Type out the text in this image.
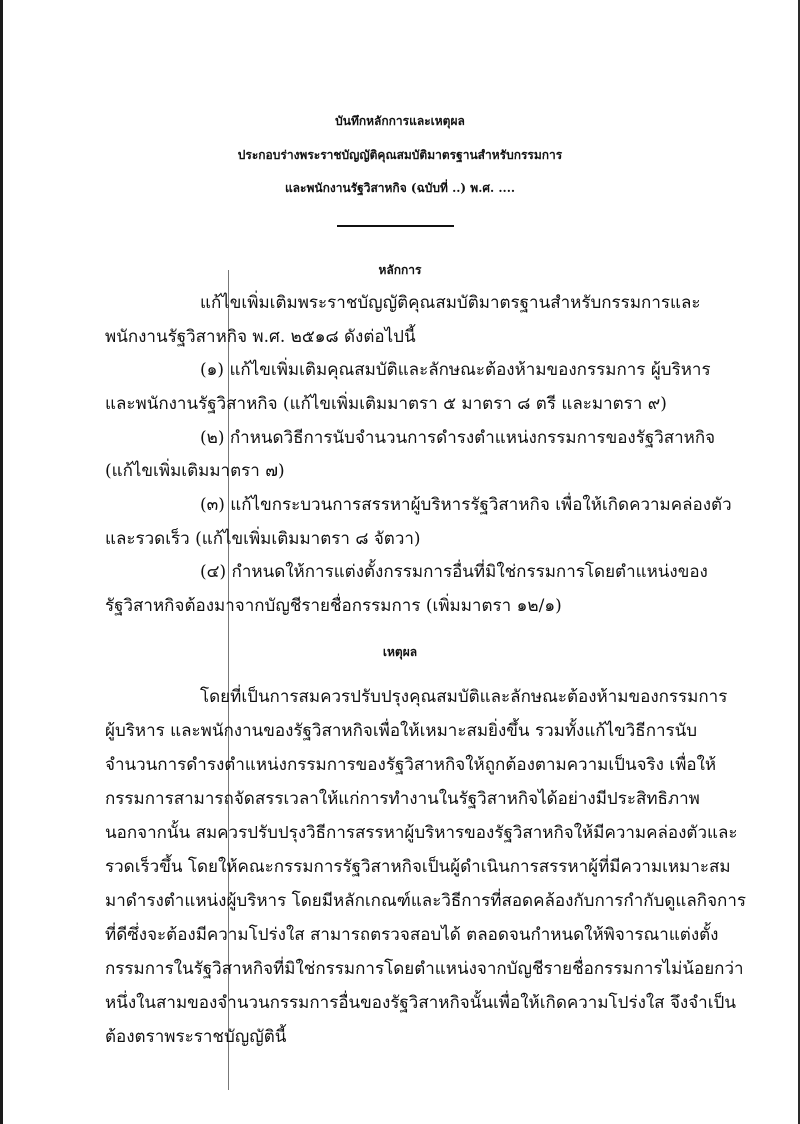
บันทึกหลักการและเหตุผล
ประกอบร่างพระราชบัญญัติคุณสมบัติมาตรฐานสำหรับกรรมการ
และพนักงานรัฐวิสาหกิจ (ฉบับที่ ..) พ.ศ. ....
หลักการ
แก้ไขเพิ่มเติมพระราชบัญญัติคุณสมบัติมาตรฐานสำหรับกรรมการและ
พนักงานรัฐวิสาหกิจ พ.ศ. ๒๕๑๘ ดังต่อไปนี้
(๑) แก้ไขเพิ่มเติมคุณสมบัติและลักษณะต้องห้ามของกรรมการ ผู้บริหาร
และพนักงานรัฐวิสาหกิจ (แก้ไขเพิ่มเติมมาตรา ๕ มาตรา ๘ ตรี และมาตรา ๙)
(๒) กำหนดวิธีการนับจำนวนการดำรงตำแหน่งกรรมการของรัฐวิสาหกิจ
(แก้ไขเพิ่มเติมมาตรา ๗)
(๓) แก้ไขกระบวนการสรรหาผู้บริหารรัฐวิสาหกิจ เพื่อให้เกิดความคล่องตัว
และรวดเร็ว (แก้ไขเพิ่มเติมมาตรา ๘ จัตวา)
(๔) กำหนดให้การแต่งตั้งกรรมการอื่นที่มิใช่กรรมการโดยตำแหน่งของ
รัฐวิสาหกิจต้องมาจากบัญชีรายชื่อกรรมการ (เพิ่มมาตรา ๑๒/๑)
เหตุผล
โดยที่เป็นการสมควรปรับปรุงคุณสมบัติและลักษณะต้องห้ามของกรรมการ
ผู้บริหาร และพนักงานของรัฐวิสาหกิจเพื่อให้เหมาะสมยิ่งขึ้น รวมทั้งแก้ไขวิธีการนับ
จำนวนการดำรงตำแหน่งกรรมการของรัฐวิสาหกิจให้ถูกต้องตามความเป็นจริง เพื่อให้
กรรมการสามารถจัดสรรเวลาให้แก่การทำงานในรัฐวิสาหกิจได้อย่างมีประสิทธิภาพ
นอกจากนั้น สมควรปรับปรุงวิธีการสรรหาผู้บริหารของรัฐวิสาหกิจให้มีความคล่องตัวและ
รวดเร็วขึ้น โดยให้คณะกรรมการรัฐวิสาหกิจเป็นผู้ดำเนินการสรรหาผู้ที่มีความเหมาะสม
มาดำรงตำแหน่งผู้บริหาร โดยมีหลักเกณฑ์และวิธีการที่สอดคล้องกับการกำกับดูแลกิจการ
ที่ดีซึ่งจะต้องมีความโปร่งใส สามารถตรวจสอบได้ ตลอดจนกำหนดให้พิจารณาแต่งตั้ง
กรรมการในรัฐวิสาหกิจที่มิใช่กรรมการโดยตำแหน่งจากบัญชีรายชื่อกรรมการไม่น้อยกว่า
หนึ่งในสามของจำนวนกรรมการอื่นของรัฐวิสาหกิจนั้นเพื่อให้เกิดความโปร่งใส จึงจำเป็น
ต้องตราพระราชบัญญัตินี้
